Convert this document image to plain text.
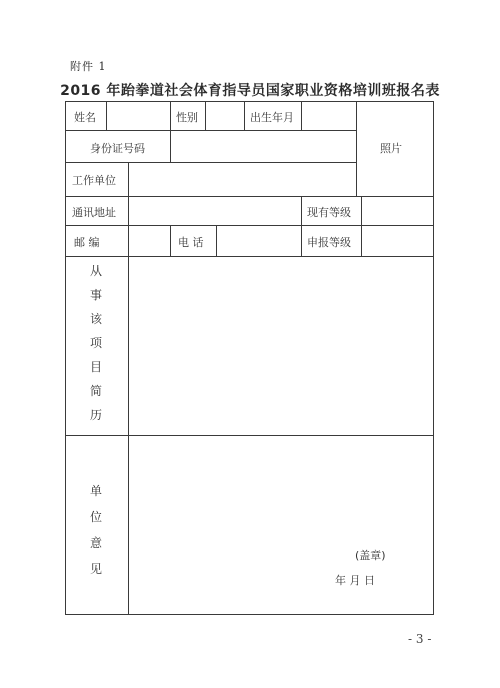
附件 1
2016 年跆拳道社会体育指导员国家职业资格培训班报名表
姓名	性别	出生年月
照片
身份证号码
工作单位
通讯地址	现有等级
邮 编	电 话	申报等级
从
事
该
项
目
简
历
单
位
意
见
(盖章)
年 月 日
- 3 -
